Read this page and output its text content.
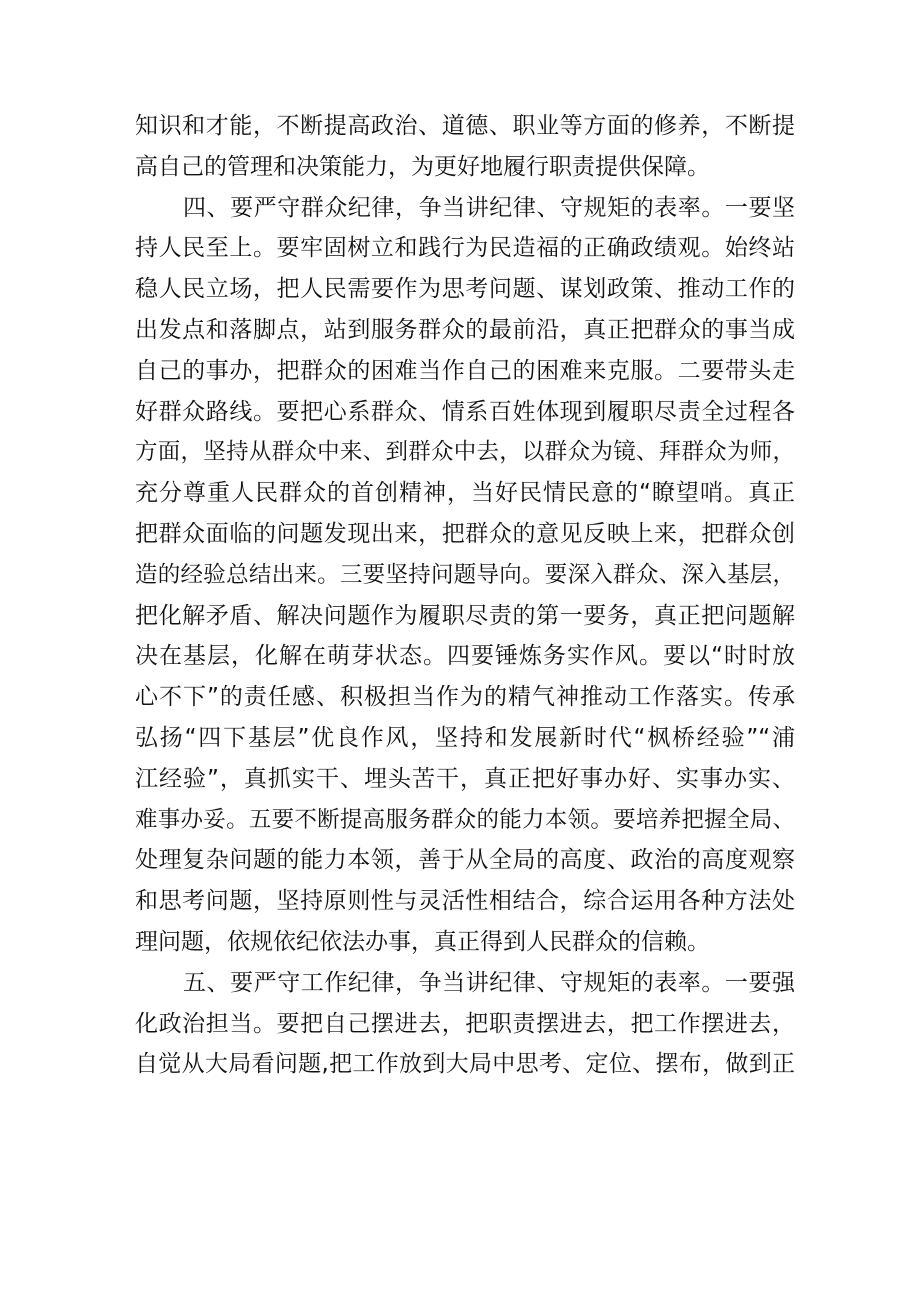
知识和才能，不断提高政治、道德、职业等方面的修养，不断提
高自己的管理和决策能力，为更好地履行职责提供保障。
四、要严守群众纪律，争当讲纪律、守规矩的表率。一要坚
持人民至上。要牢固树立和践行为民造福的正确政绩观。始终站
稳人民立场，把人民需要作为思考问题、谋划政策、推动工作的
出发点和落脚点，站到服务群众的最前沿，真正把群众的事当成
自己的事办，把群众的困难当作自己的困难来克服。二要带头走
好群众路线。要把心系群众、情系百姓体现到履职尽责全过程各
方面，坚持从群众中来、到群众中去，以群众为镜、拜群众为师，
充分尊重人民群众的首创精神，当好民情民意的“瞭望哨。真正
把群众面临的问题发现出来，把群众的意见反映上来，把群众创
造的经验总结出来。三要坚持问题导向。要深入群众、深入基层，
把化解矛盾、解决问题作为履职尽责的第一要务，真正把问题解
决在基层，化解在萌芽状态。四要锤炼务实作风。要以“时时放
心不下”的责任感、积极担当作为的精气神推动工作落实。传承
弘扬“四下基层”优良作风，坚持和发展新时代“枫桥经验”“浦
江经验”，真抓实干、埋头苦干，真正把好事办好、实事办实、
难事办妥。五要不断提高服务群众的能力本领。要培养把握全局、
处理复杂问题的能力本领，善于从全局的高度、政治的高度观察
和思考问题，坚持原则性与灵活性相结合，综合运用各种方法处
理问题，依规依纪依法办事，真正得到人民群众的信赖。
五、要严守工作纪律，争当讲纪律、守规矩的表率。一要强
化政治担当。要把自己摆进去，把职责摆进去，把工作摆进去，
自觉从大局看问题,把工作放到大局中思考、定位、摆布，做到正
